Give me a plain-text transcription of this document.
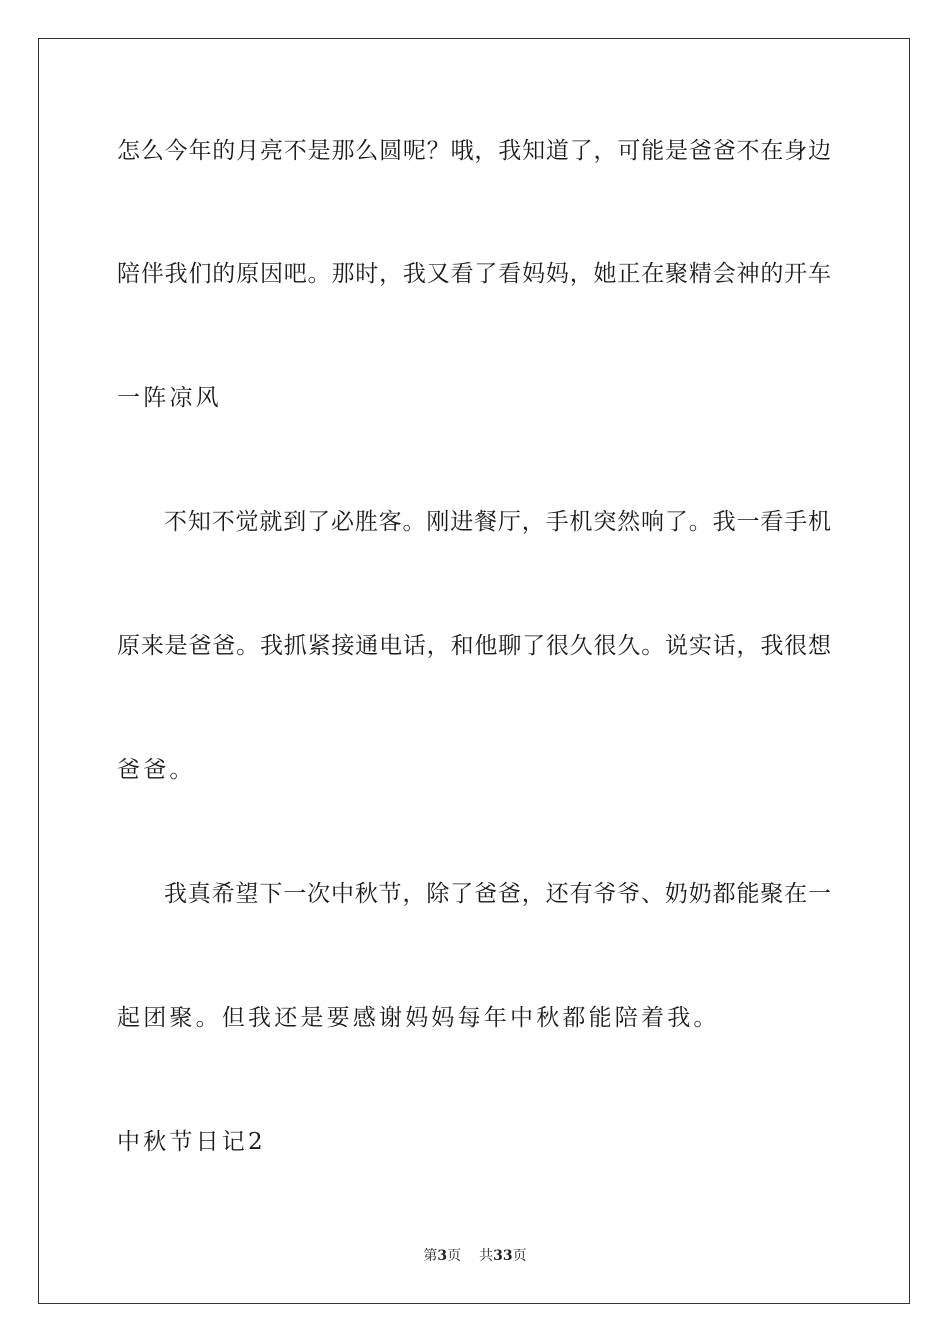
怎么今年的月亮不是那么圆呢？哦，我知道了，可能是爸爸不在身边
陪伴我们的原因吧。那时，我又看了看妈妈，她正在聚精会神的开车
一阵凉风
不知不觉就到了必胜客。刚进餐厅，手机突然响了。我一看手机
原来是爸爸。我抓紧接通电话，和他聊了很久很久。说实话，我很想
爸爸。
我真希望下一次中秋节，除了爸爸，还有爷爷、奶奶都能聚在一
起团聚。但我还是要感谢妈妈每年中秋都能陪着我。
中秋节日记2
第3页 共33页
